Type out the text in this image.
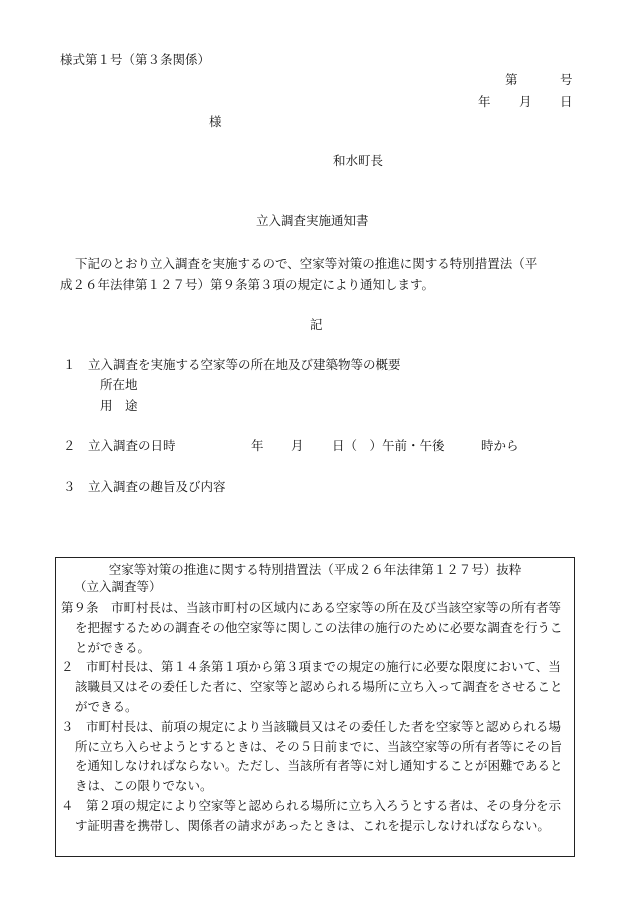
様式第１号（第３条関係）
第	号
年 月 日
様
和水町長
立入調査実施通知書
下記のとおり立入調査を実施するので、空家等対策の推進に関する特別措置法（平
成２６年法律第１２７号）第９条第３項の規定により通知します。
記
１ 立入調査を実施する空家等の所在地及び建築物等の概要
所在地
用　途
２ 立入調査の日時	年 月 日（　）午前・午後	時から
３ 立入調査の趣旨及び内容
空家等対策の推進に関する特別措置法（平成２６年法律第１２７号）抜粋
（立入調査等）
第９条　市町村長は、当該市町村の区域内にある空家等の所在及び当該空家等の所有者等を把握するための調査その他空家等に関しこの法律の施行のために必要な調査を行うことができる。
２　市町村長は、第１４条第１項から第３項までの規定の施行に必要な限度において、当該職員又はその委任した者に、空家等と認められる場所に立ち入って調査をさせることができる。
３　市町村長は、前項の規定により当該職員又はその委任した者を空家等と認められる場所に立ち入らせようとするときは、その５日前までに、当該空家等の所有者等にその旨を通知しなければならない。ただし、当該所有者等に対し通知することが困難であるときは、この限りでない。
４　第２項の規定により空家等と認められる場所に立ち入ろうとする者は、その身分を示す証明書を携帯し、関係者の請求があったときは、これを提示しなければならない。
